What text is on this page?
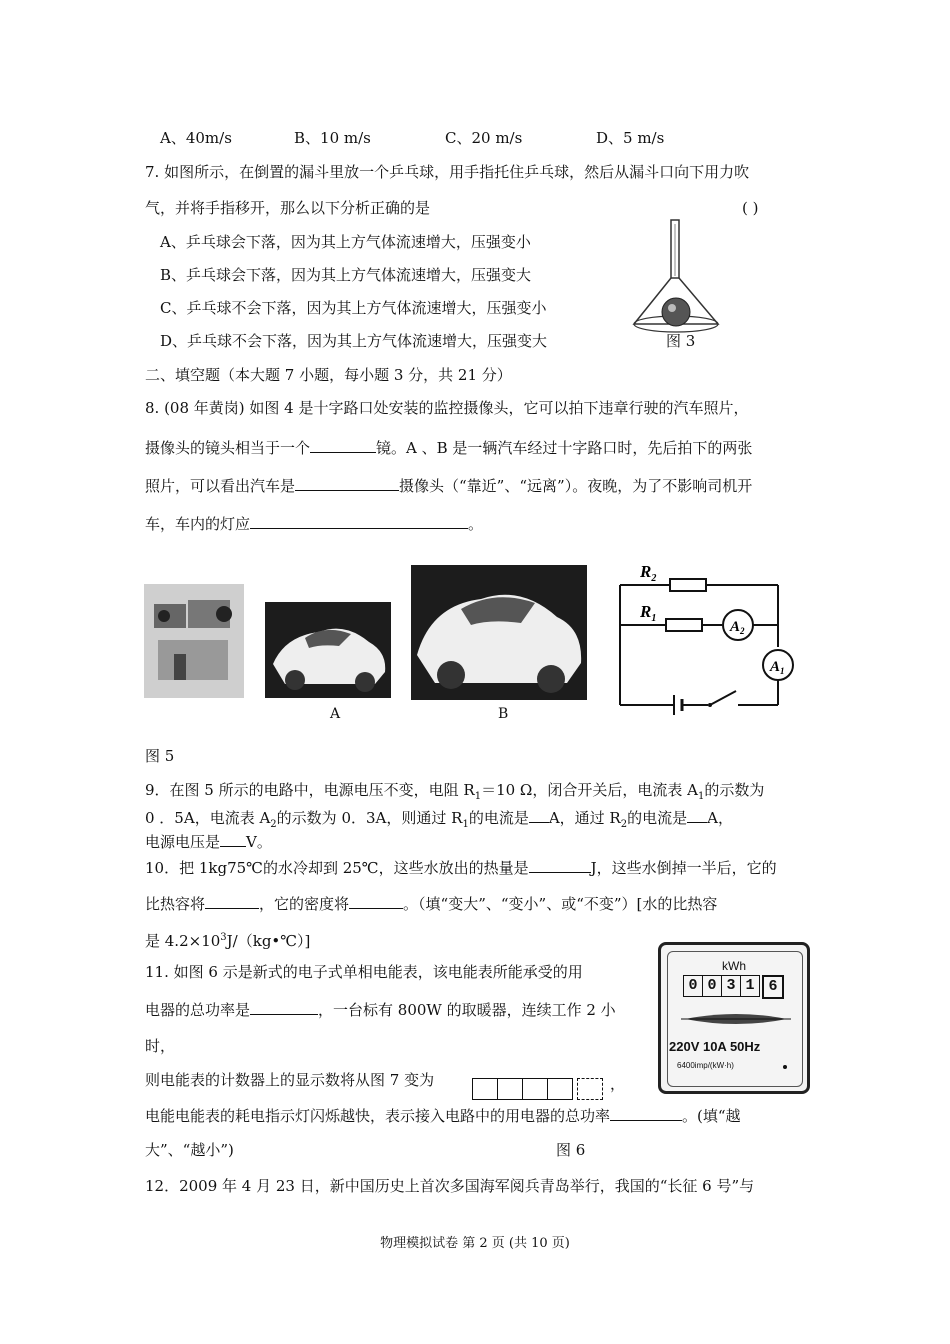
A、40m/s	B、10 m/s	C、20 m/s	D、5 m/s
7. 如图所示，在倒置的漏斗里放一个乒乓球，用手指托住乒乓球，然后从漏斗口向下用力吹
气，并将手指移开，那么以下分析正确的是	( )
A、乒乓球会下落，因为其上方气体流速增大，压强变小
B、乒乓球会下落，因为其上方气体流速增大，压强变大
C、乒乓球不会下落，因为其上方气体流速增大，压强变小
D、乒乓球不会下落，因为其上方气体流速增大，压强变大	图 3
二、填空题（本大题 7 小题，每小题 3 分，共 21 分）
8. (08 年黄岗) 如图 4 是十字路口处安装的监控摄像头，它可以拍下违章行驶的汽车照片，
摄像头的镜头相当于一个	镜。A 、B 是一辆汽车经过十字路口时，先后拍下的两张
照片，可以看出汽车是	摄像头（“靠近”、“远离”）。夜晚，为了不影响司机开
车，车内的灯应	。
A	B
$R_2$
$R_1$
$A_2$
$A_1$
图 5
9．在图 5 所示的电路中，电源电压不变，电阻 $R_1=10$ Ω，闭合开关后，电流表 $A_1$的示数为
0 ．5A，电流表 $A_2$的示数为 0．3A，则通过 $R_1$的电流是 A，通过 $R_2$的电流是 A，
电源电压是 V。
10．把 1kg75℃的水冷却到 25℃，这些水放出的热量是	J，这些水倒掉一半后，它的
比热容将	，它的密度将	。（填“变大”、“变小”、或“不变”）[水的比热容
是 $4.2\times 10^3J/(kg•℃)$]
11. 如图 6 示是新式的电子式单相电能表，该电能表所能承受的用
电器的总功率是	，一台标有 800W 的取暖器，连续工作 2 小
时，
则电能表的计数器上的显示数将从图 7 变为	，
电能电能表的耗电指示灯闪烁越快，表示接入电路中的用电器的总功率	。(填“越
大”、“越小”)	图 6
kWh
0 0 3 1 6
220V 10A 50Hz
6400imp/(kW·h)
12．2009 年 4 月 23 日，新中国历史上首次多国海军阅兵青岛举行，我国的“长征 6 号”与
物理模拟试卷 第 2 页 (共 10 页)
